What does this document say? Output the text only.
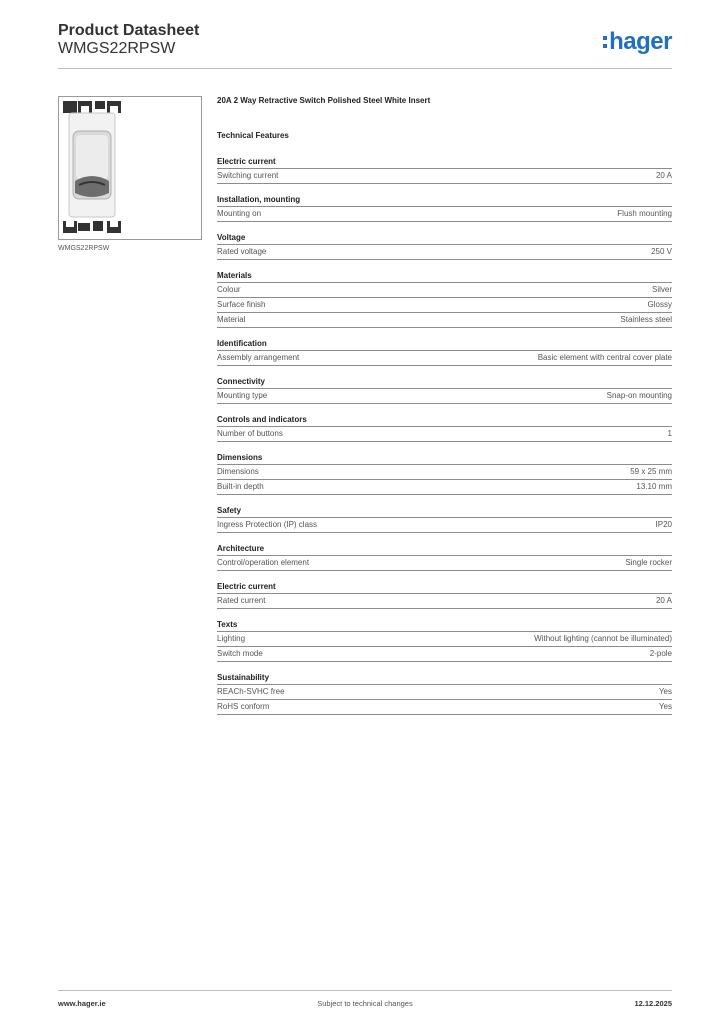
Product Datasheet
WMGS22RPSW	hager
WMGS22RPSW
20A 2 Way Retractive Switch Polished Steel White Insert
Technical Features
Electric current
Switching current	20 A
Installation, mounting
Mounting on	Flush mounting
Voltage
Rated voltage	250 V
Materials
Colour	Silver
Surface finish	Glossy
Material	Stainless steel
Identification
Assembly arrangement	Basic element with central cover plate
Connectivity
Mounting type	Snap-on mounting
Controls and indicators
Number of buttons	1
Dimensions
Dimensions	59 x 25 mm
Built-in depth	13.10 mm
Safety
Ingress Protection (IP) class	IP20
Architecture
Control/operation element	Single rocker
Electric current
Rated current	20 A
Texts
Lighting	Without lighting (cannot be illuminated)
Switch mode	2-pole
Sustainability
REACh-SVHC free	Yes
RoHS conform	Yes
www.hager.ie	Subject to technical changes	12.12.2025
